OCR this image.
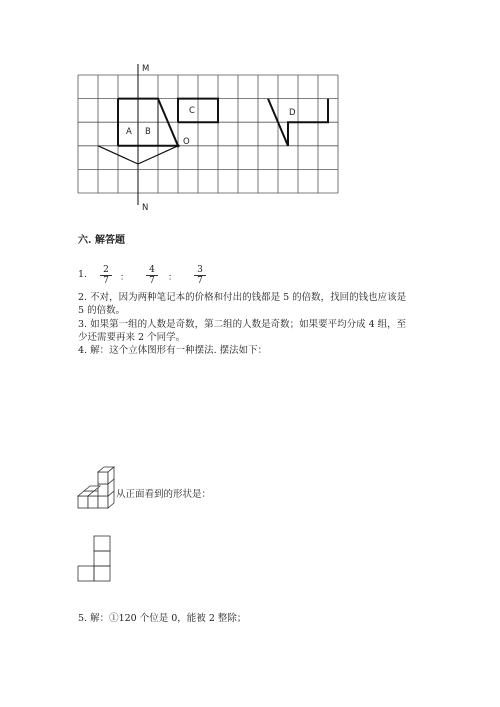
M
N
O
A B
C	D
六. 解答题
1. $\frac{2}{7}$ ： $\frac{4}{7}$ ： $\frac{3}{7}$
2. 不对，因为两种笔记本的价格和付出的钱都是 5 的倍数，找回的钱也应该是
5 的倍数。
3. 如果第一组的人数是奇数，第二组的人数是奇数；如果要平均分成 4 组，至
少还需要再来 2 个同学。
4. 解：这个立体图形有一种摆法. 摆法如下：
从正面看到的形状是：
5. 解：①120 个位是 0，能被 2 整除；
